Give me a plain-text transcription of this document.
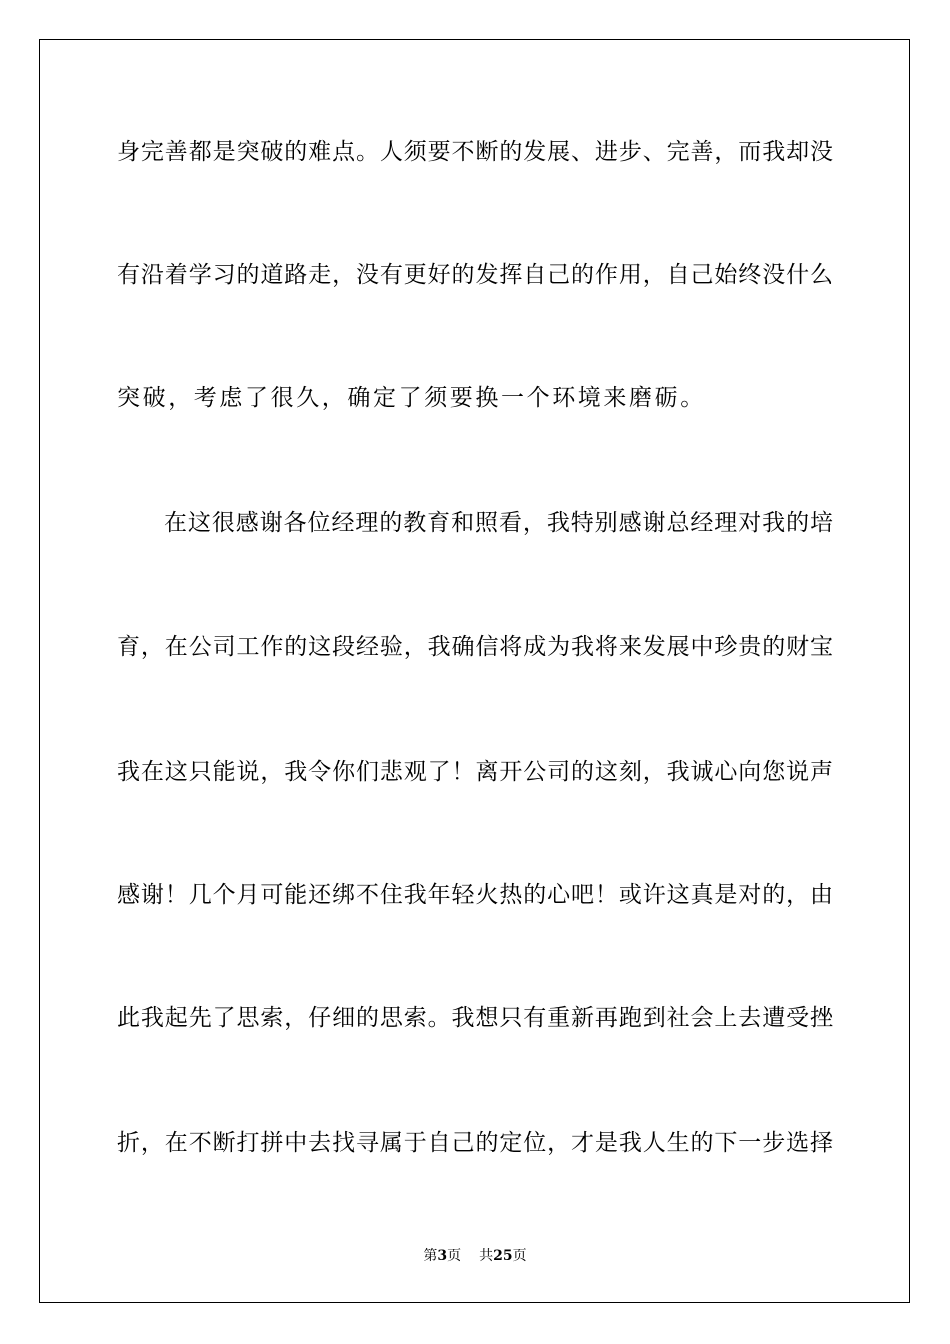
身完善都是突破的难点。人须要不断的发展、进步、完善，而我却没
有沿着学习的道路走，没有更好的发挥自己的作用，自己始终没什么
突破，考虑了很久，确定了须要换一个环境来磨砺。
在这很感谢各位经理的教育和照看，我特别感谢总经理对我的培
育，在公司工作的这段经验，我确信将成为我将来发展中珍贵的财宝
我在这只能说，我令你们悲观了！离开公司的这刻，我诚心向您说声
感谢！几个月可能还绑不住我年轻火热的心吧！或许这真是对的，由
此我起先了思索，仔细的思索。我想只有重新再跑到社会上去遭受挫
折，在不断打拼中去找寻属于自己的定位，才是我人生的下一步选择
第3页 共25页
